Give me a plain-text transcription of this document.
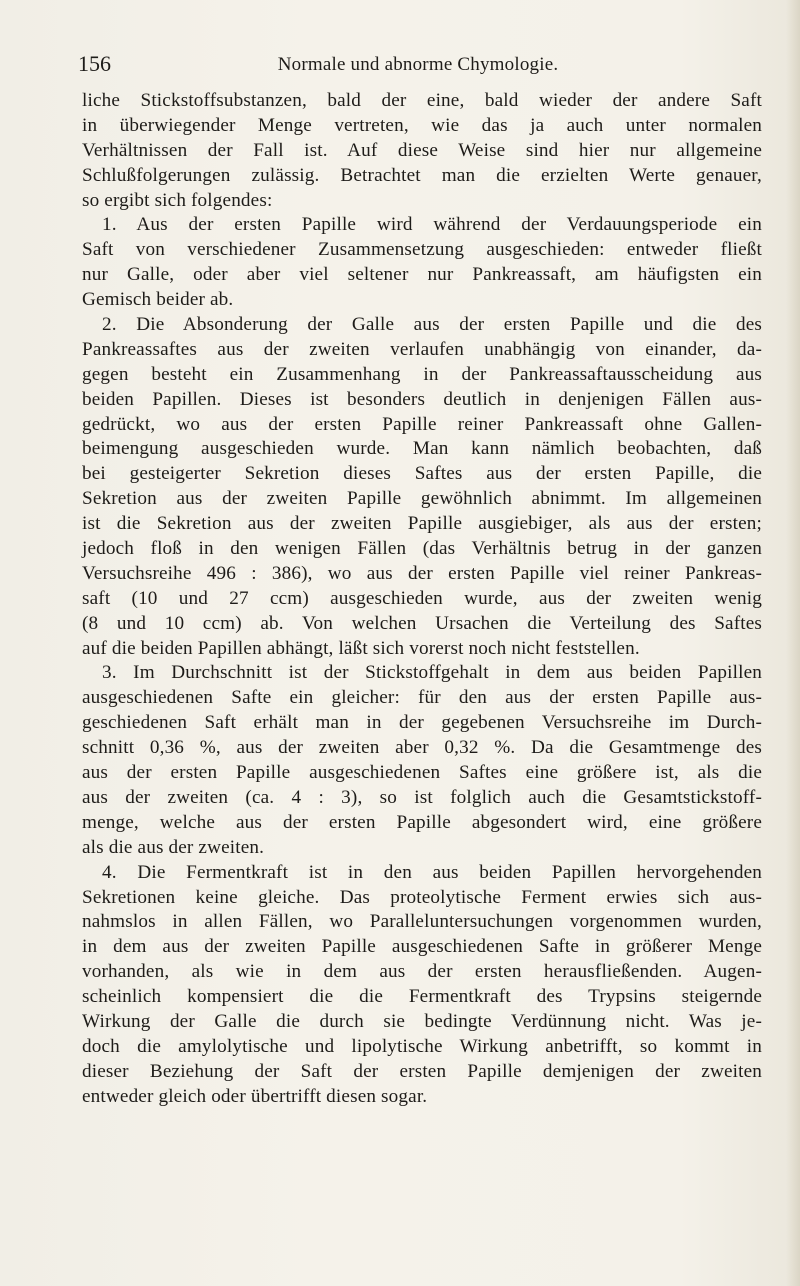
156	Normale und abnorme Chymologie.
liche Stickstoffsubstanzen, bald der eine, bald wieder der andere Saft
in überwiegender Menge vertreten, wie das ja auch unter normalen
Verhältnissen der Fall ist. Auf diese Weise sind hier nur allgemeine
Schlußfolgerungen zulässig. Betrachtet man die erzielten Werte genauer,
so ergibt sich folgendes:
1. Aus der ersten Papille wird während der Verdauungsperiode ein
Saft von verschiedener Zusammensetzung ausgeschieden: entweder fließt
nur Galle, oder aber viel seltener nur Pankreassaft, am häufigsten ein
Gemisch beider ab.
2. Die Absonderung der Galle aus der ersten Papille und die des
Pankreassaftes aus der zweiten verlaufen unabhängig von einander, da-
gegen besteht ein Zusammenhang in der Pankreassaftausscheidung aus
beiden Papillen. Dieses ist besonders deutlich in denjenigen Fällen aus-
gedrückt, wo aus der ersten Papille reiner Pankreassaft ohne Gallen-
beimengung ausgeschieden wurde. Man kann nämlich beobachten, daß
bei gesteigerter Sekretion dieses Saftes aus der ersten Papille, die
Sekretion aus der zweiten Papille gewöhnlich abnimmt. Im allgemeinen
ist die Sekretion aus der zweiten Papille ausgiebiger, als aus der ersten;
jedoch floß in den wenigen Fällen (das Verhältnis betrug in der ganzen
Versuchsreihe 496 : 386), wo aus der ersten Papille viel reiner Pankreas-
saft (10 und 27 ccm) ausgeschieden wurde, aus der zweiten wenig
(8 und 10 ccm) ab. Von welchen Ursachen die Verteilung des Saftes
auf die beiden Papillen abhängt, läßt sich vorerst noch nicht feststellen.
3. Im Durchschnitt ist der Stickstoffgehalt in dem aus beiden Papillen
ausgeschiedenen Safte ein gleicher: für den aus der ersten Papille aus-
geschiedenen Saft erhält man in der gegebenen Versuchsreihe im Durch-
schnitt 0,36 %, aus der zweiten aber 0,32 %. Da die Gesamtmenge des
aus der ersten Papille ausgeschiedenen Saftes eine größere ist, als die
aus der zweiten (ca. 4 : 3), so ist folglich auch die Gesamtstickstoff-
menge, welche aus der ersten Papille abgesondert wird, eine größere
als die aus der zweiten.
4. Die Fermentkraft ist in den aus beiden Papillen hervorgehenden
Sekretionen keine gleiche. Das proteolytische Ferment erwies sich aus-
nahmslos in allen Fällen, wo Paralleluntersuchungen vorgenommen wurden,
in dem aus der zweiten Papille ausgeschiedenen Safte in größerer Menge
vorhanden, als wie in dem aus der ersten herausfließenden. Augen-
scheinlich kompensiert die die Fermentkraft des Trypsins steigernde
Wirkung der Galle die durch sie bedingte Verdünnung nicht. Was je-
doch die amylolytische und lipolytische Wirkung anbetrifft, so kommt in
dieser Beziehung der Saft der ersten Papille demjenigen der zweiten
entweder gleich oder übertrifft diesen sogar.
